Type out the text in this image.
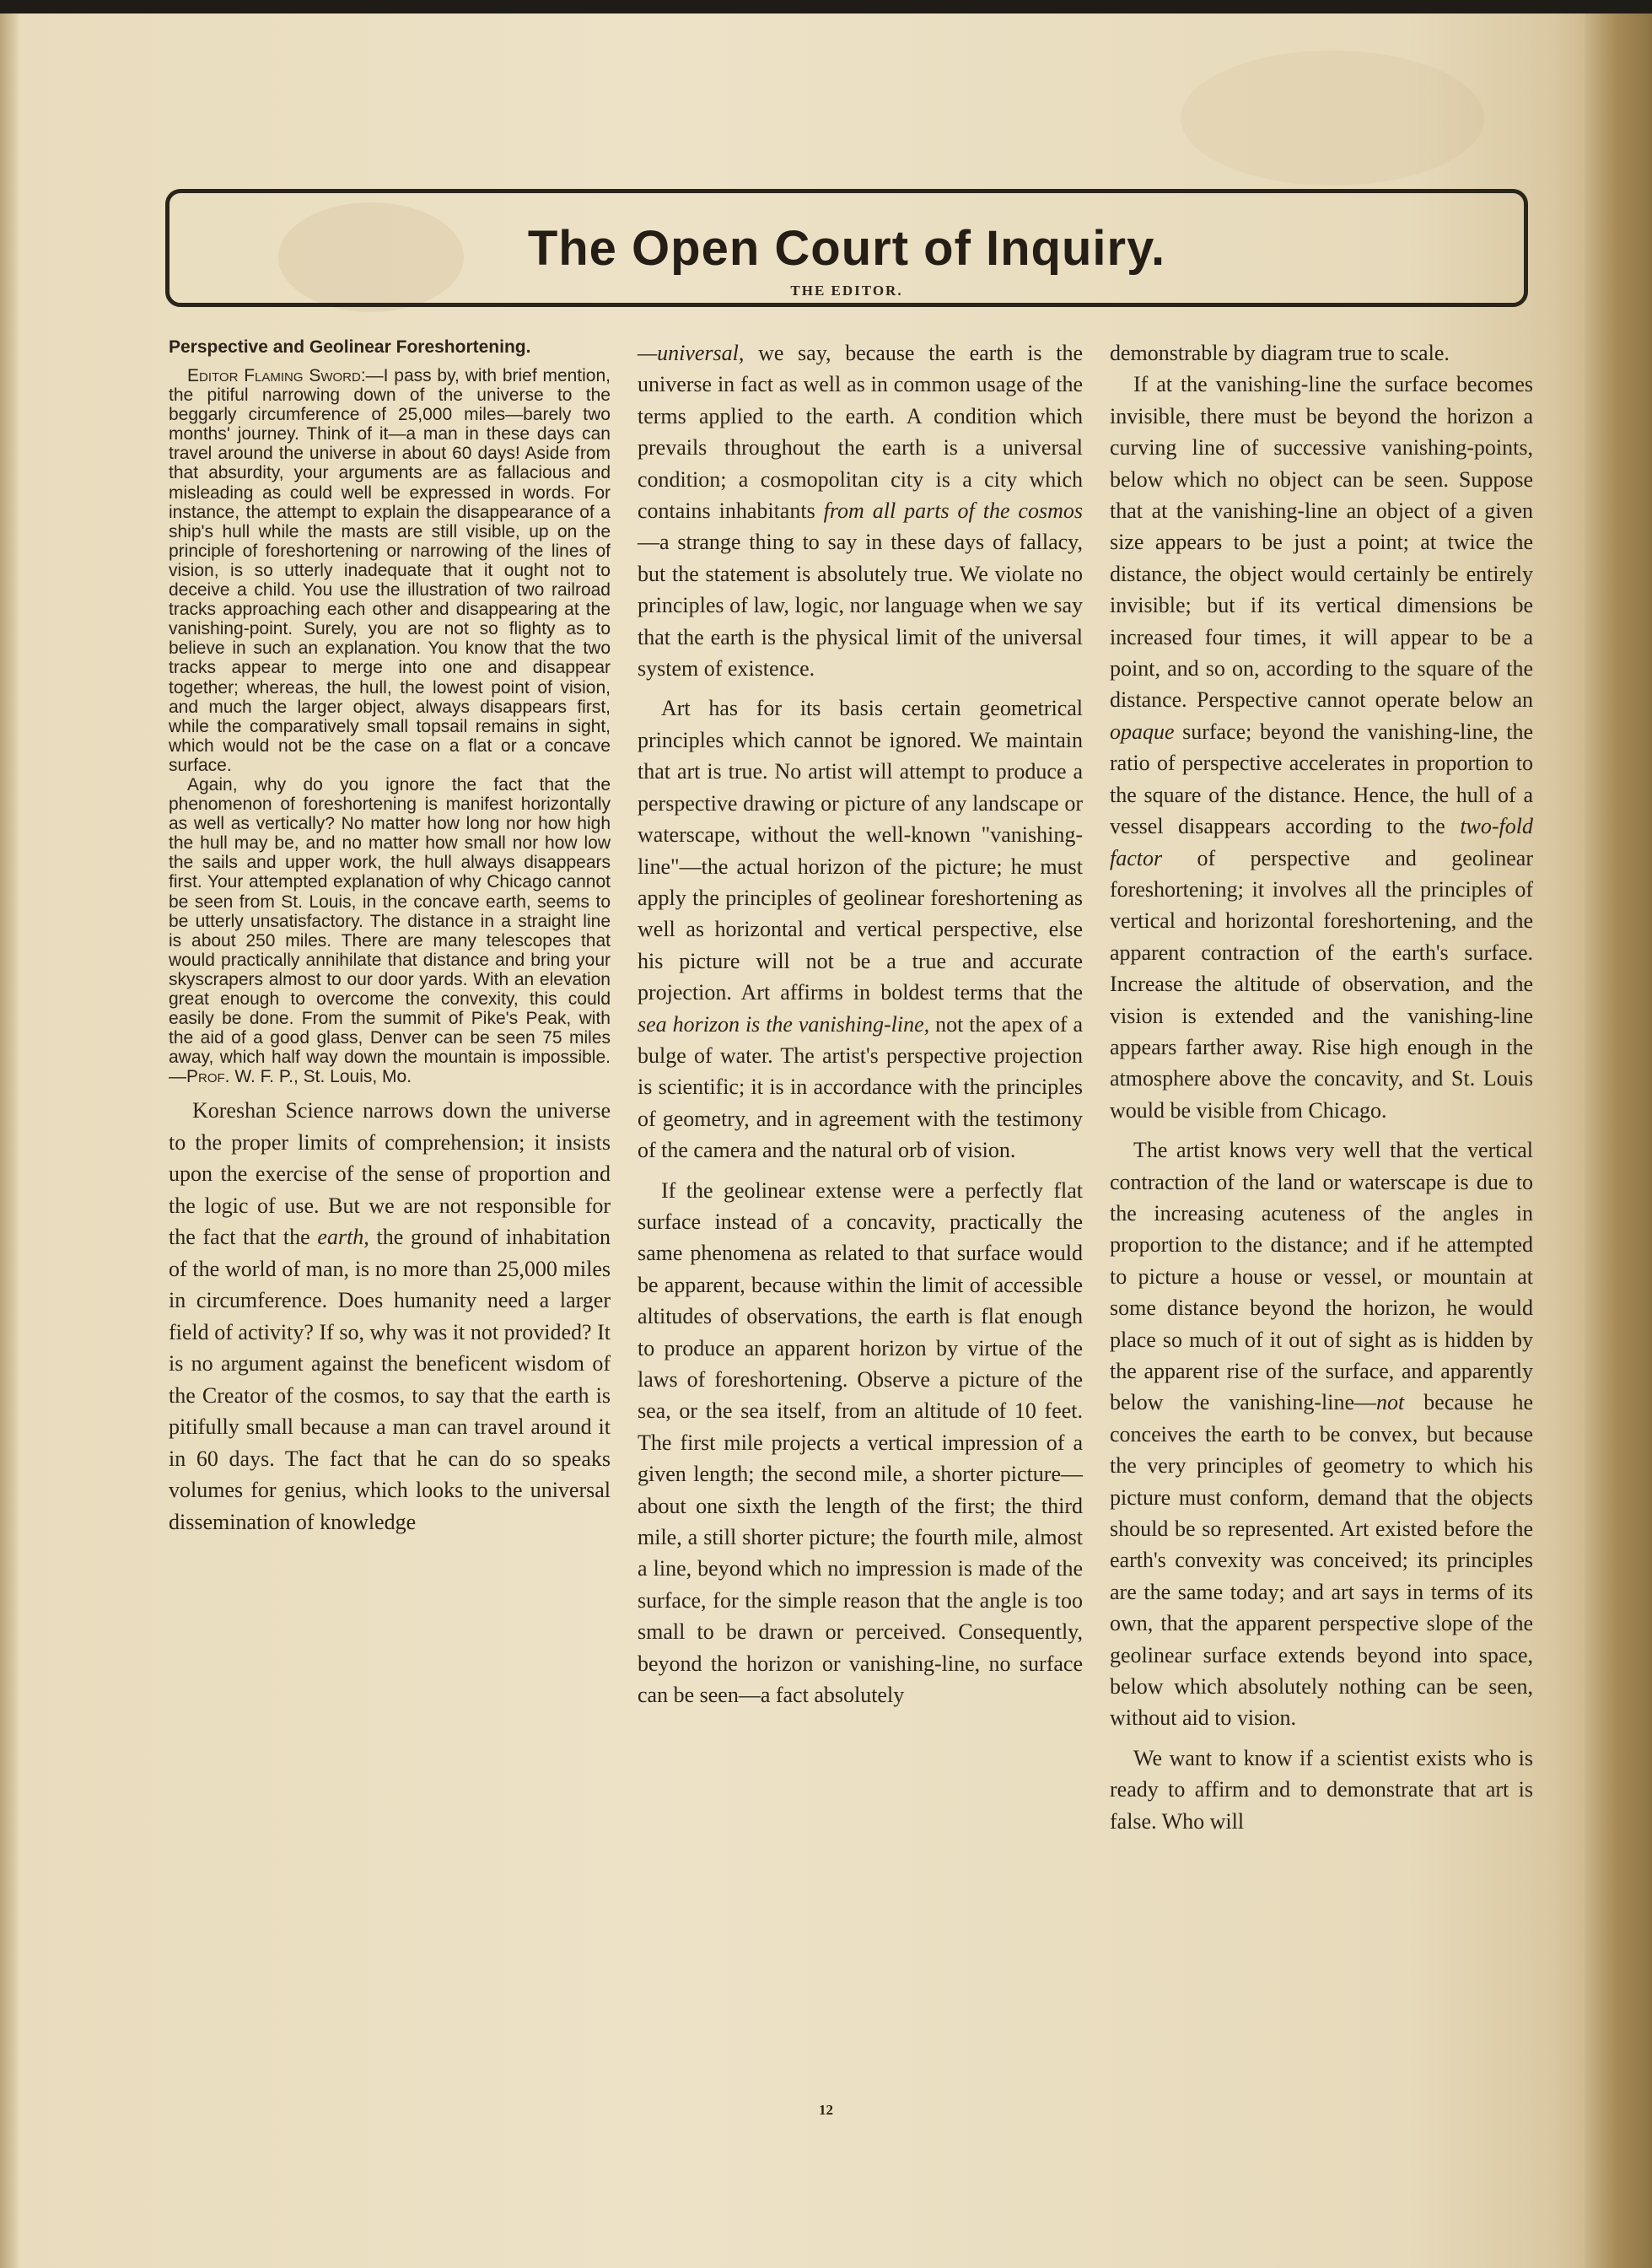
The Open Court of Inquiry.
THE EDITOR.
Perspective and Geolinear Foreshortening.

Editor Flaming Sword:—I pass by, with brief mention, the pitiful narrowing down of the universe to the beggarly circumference of 25,000 miles—barely two months' journey. Think of it—a man in these days can travel around the universe in about 60 days! Aside from that absurdity, your arguments are as fallacious and misleading as could well be expressed in words. For instance, the attempt to explain the disappearance of a ship's hull while the masts are still visible, up on the principle of foreshortening or narrowing of the lines of vision, is so utterly inadequate that it ought not to deceive a child. You use the illustration of two railroad tracks approaching each other and disappearing at the vanishing-point. Surely, you are not so flighty as to believe in such an explanation. You know that the two tracks appear to merge into one and disappear together; whereas, the hull, the lowest point of vision, and much the larger object, always disappears first, while the comparatively small topsail remains in sight, which would not be the case on a flat or a concave surface.

Again, why do you ignore the fact that the phenomenon of foreshortening is manifest horizontally as well as vertically? No matter how long nor how high the hull may be, and no matter how small nor how low the sails and upper work, the hull always disappears first. Your attempted explanation of why Chicago cannot be seen from St. Louis, in the concave earth, seems to be utterly unsatisfactory. The distance in a straight line is about 250 miles. There are many telescopes that would practically annihilate that distance and bring your skyscrapers almost to our door yards. With an elevation great enough to overcome the convexity, this could easily be done. From the summit of Pike's Peak, with the aid of a good glass, Denver can be seen 75 miles away, which half way down the mountain is impossible.—Prof. W. F. P., St. Louis, Mo.

Koreshan Science narrows down the universe to the proper limits of comprehension; it insists upon the exercise of the sense of proportion and the logic of use. But we are not responsible for the fact that the earth, the ground of inhabitation of the world of man, is no more than 25,000 miles in circumference. Does humanity need a larger field of activity? If so, why was it not provided? It is no argument against the beneficent wisdom of the Creator of the cosmos, to say that the earth is pitifully small because a man can travel around it in 60 days. The fact that he can do so speaks volumes for genius, which looks to the universal dissemination of knowledge

—universal, we say, because the earth is the universe in fact as well as in common usage of the terms applied to the earth. A condition which prevails throughout the earth is a universal condition; a cosmopolitan city is a city which contains inhabitants from all parts of the cosmos—a strange thing to say in these days of fallacy, but the statement is absolutely true. We violate no principles of law, logic, nor language when we say that the earth is the physical limit of the universal system of existence.

Art has for its basis certain geometrical principles which cannot be ignored. We maintain that art is true. No artist will attempt to produce a perspective drawing or picture of any landscape or waterscape, without the well-known "vanishing-line"—the actual horizon of the picture; he must apply the principles of geolinear foreshortening as well as horizontal and vertical perspective, else his picture will not be a true and accurate projection. Art affirms in boldest terms that the sea horizon is the vanishing-line, not the apex of a bulge of water. The artist's perspective projection is scientific; it is in accordance with the principles of geometry, and in agreement with the testimony of the camera and the natural orb of vision.

If the geolinear extense were a perfectly flat surface instead of a concavity, practically the same phenomena as related to that surface would be apparent, because within the limit of accessible altitudes of observations, the earth is flat enough to produce an apparent horizon by virtue of the laws of foreshortening. Observe a picture of the sea, or the sea itself, from an altitude of 10 feet. The first mile projects a vertical impression of a given length; the second mile, a shorter picture—about one sixth the length of the first; the third mile, a still shorter picture; the fourth mile, almost a line, beyond which no impression is made of the surface, for the simple reason that the angle is too small to be drawn or perceived. Consequently, beyond the horizon or vanishing-line, no surface can be seen—a fact absolutely

demonstrable by diagram true to scale.

If at the vanishing-line the surface becomes invisible, there must be beyond the horizon a curving line of successive vanishing-points, below which no object can be seen. Suppose that at the vanishing-line an object of a given size appears to be just a point; at twice the distance, the object would certainly be entirely invisible; but if its vertical dimensions be increased four times, it will appear to be a point, and so on, according to the square of the distance. Perspective cannot operate below an opaque surface; beyond the vanishing-line, the ratio of perspective accelerates in proportion to the square of the distance. Hence, the hull of a vessel disappears according to the two-fold factor of perspective and geolinear foreshortening; it involves all the principles of vertical and horizontal foreshortening, and the apparent contraction of the earth's surface. Increase the altitude of observation, and the vision is extended and the vanishing-line appears farther away. Rise high enough in the atmosphere above the concavity, and St. Louis would be visible from Chicago.

The artist knows very well that the vertical contraction of the land or waterscape is due to the increasing acuteness of the angles in proportion to the distance; and if he attempted to picture a house or vessel, or mountain at some distance beyond the horizon, he would place so much of it out of sight as is hidden by the apparent rise of the surface, and apparently below the vanishing-line—not because he conceives the earth to be convex, but because the very principles of geometry to which his picture must conform, demand that the objects should be so represented. Art existed before the earth's convexity was conceived; its principles are the same today; and art says in terms of its own, that the apparent perspective slope of the geolinear surface extends beyond into space, below which absolutely nothing can be seen, without aid to vision.

We want to know if a scientist exists who is ready to affirm and to demonstrate that art is false. Who will

12
